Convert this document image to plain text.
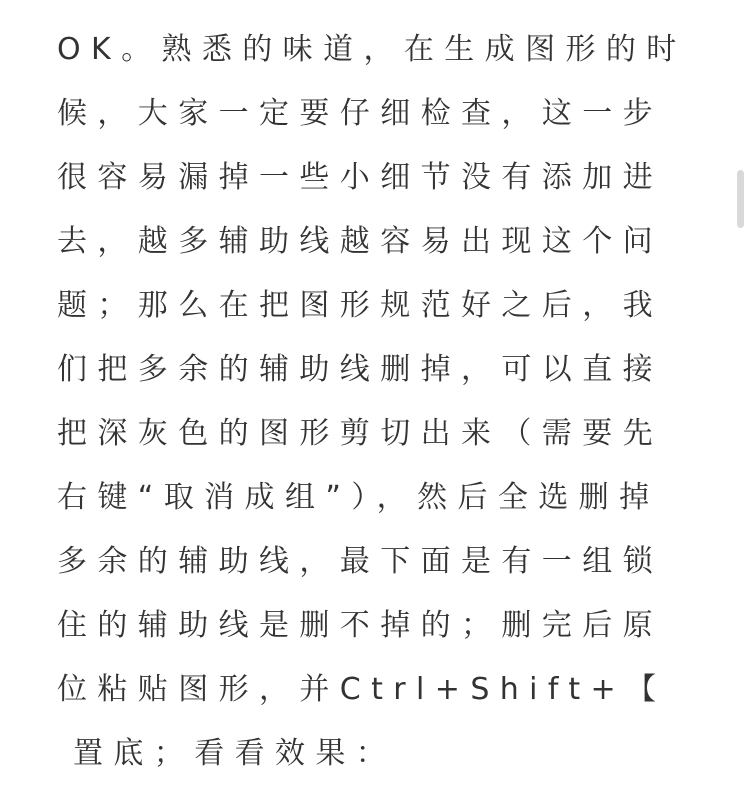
OK。熟悉的味道，在生成图形的时
候，大家一定要仔细检查，这一步
很容易漏掉一些小细节没有添加进
去，越多辅助线越容易出现这个问
题；那么在把图形规范好之后，我
们把多余的辅助线删掉，可以直接
把深灰色的图形剪切出来（需要先
右键“取消成组”），然后全选删掉
多余的辅助线，最下面是有一组锁
住的辅助线是删不掉的；删完后原
位粘贴图形，并Ctrl+Shift+【
置底；看看效果：
